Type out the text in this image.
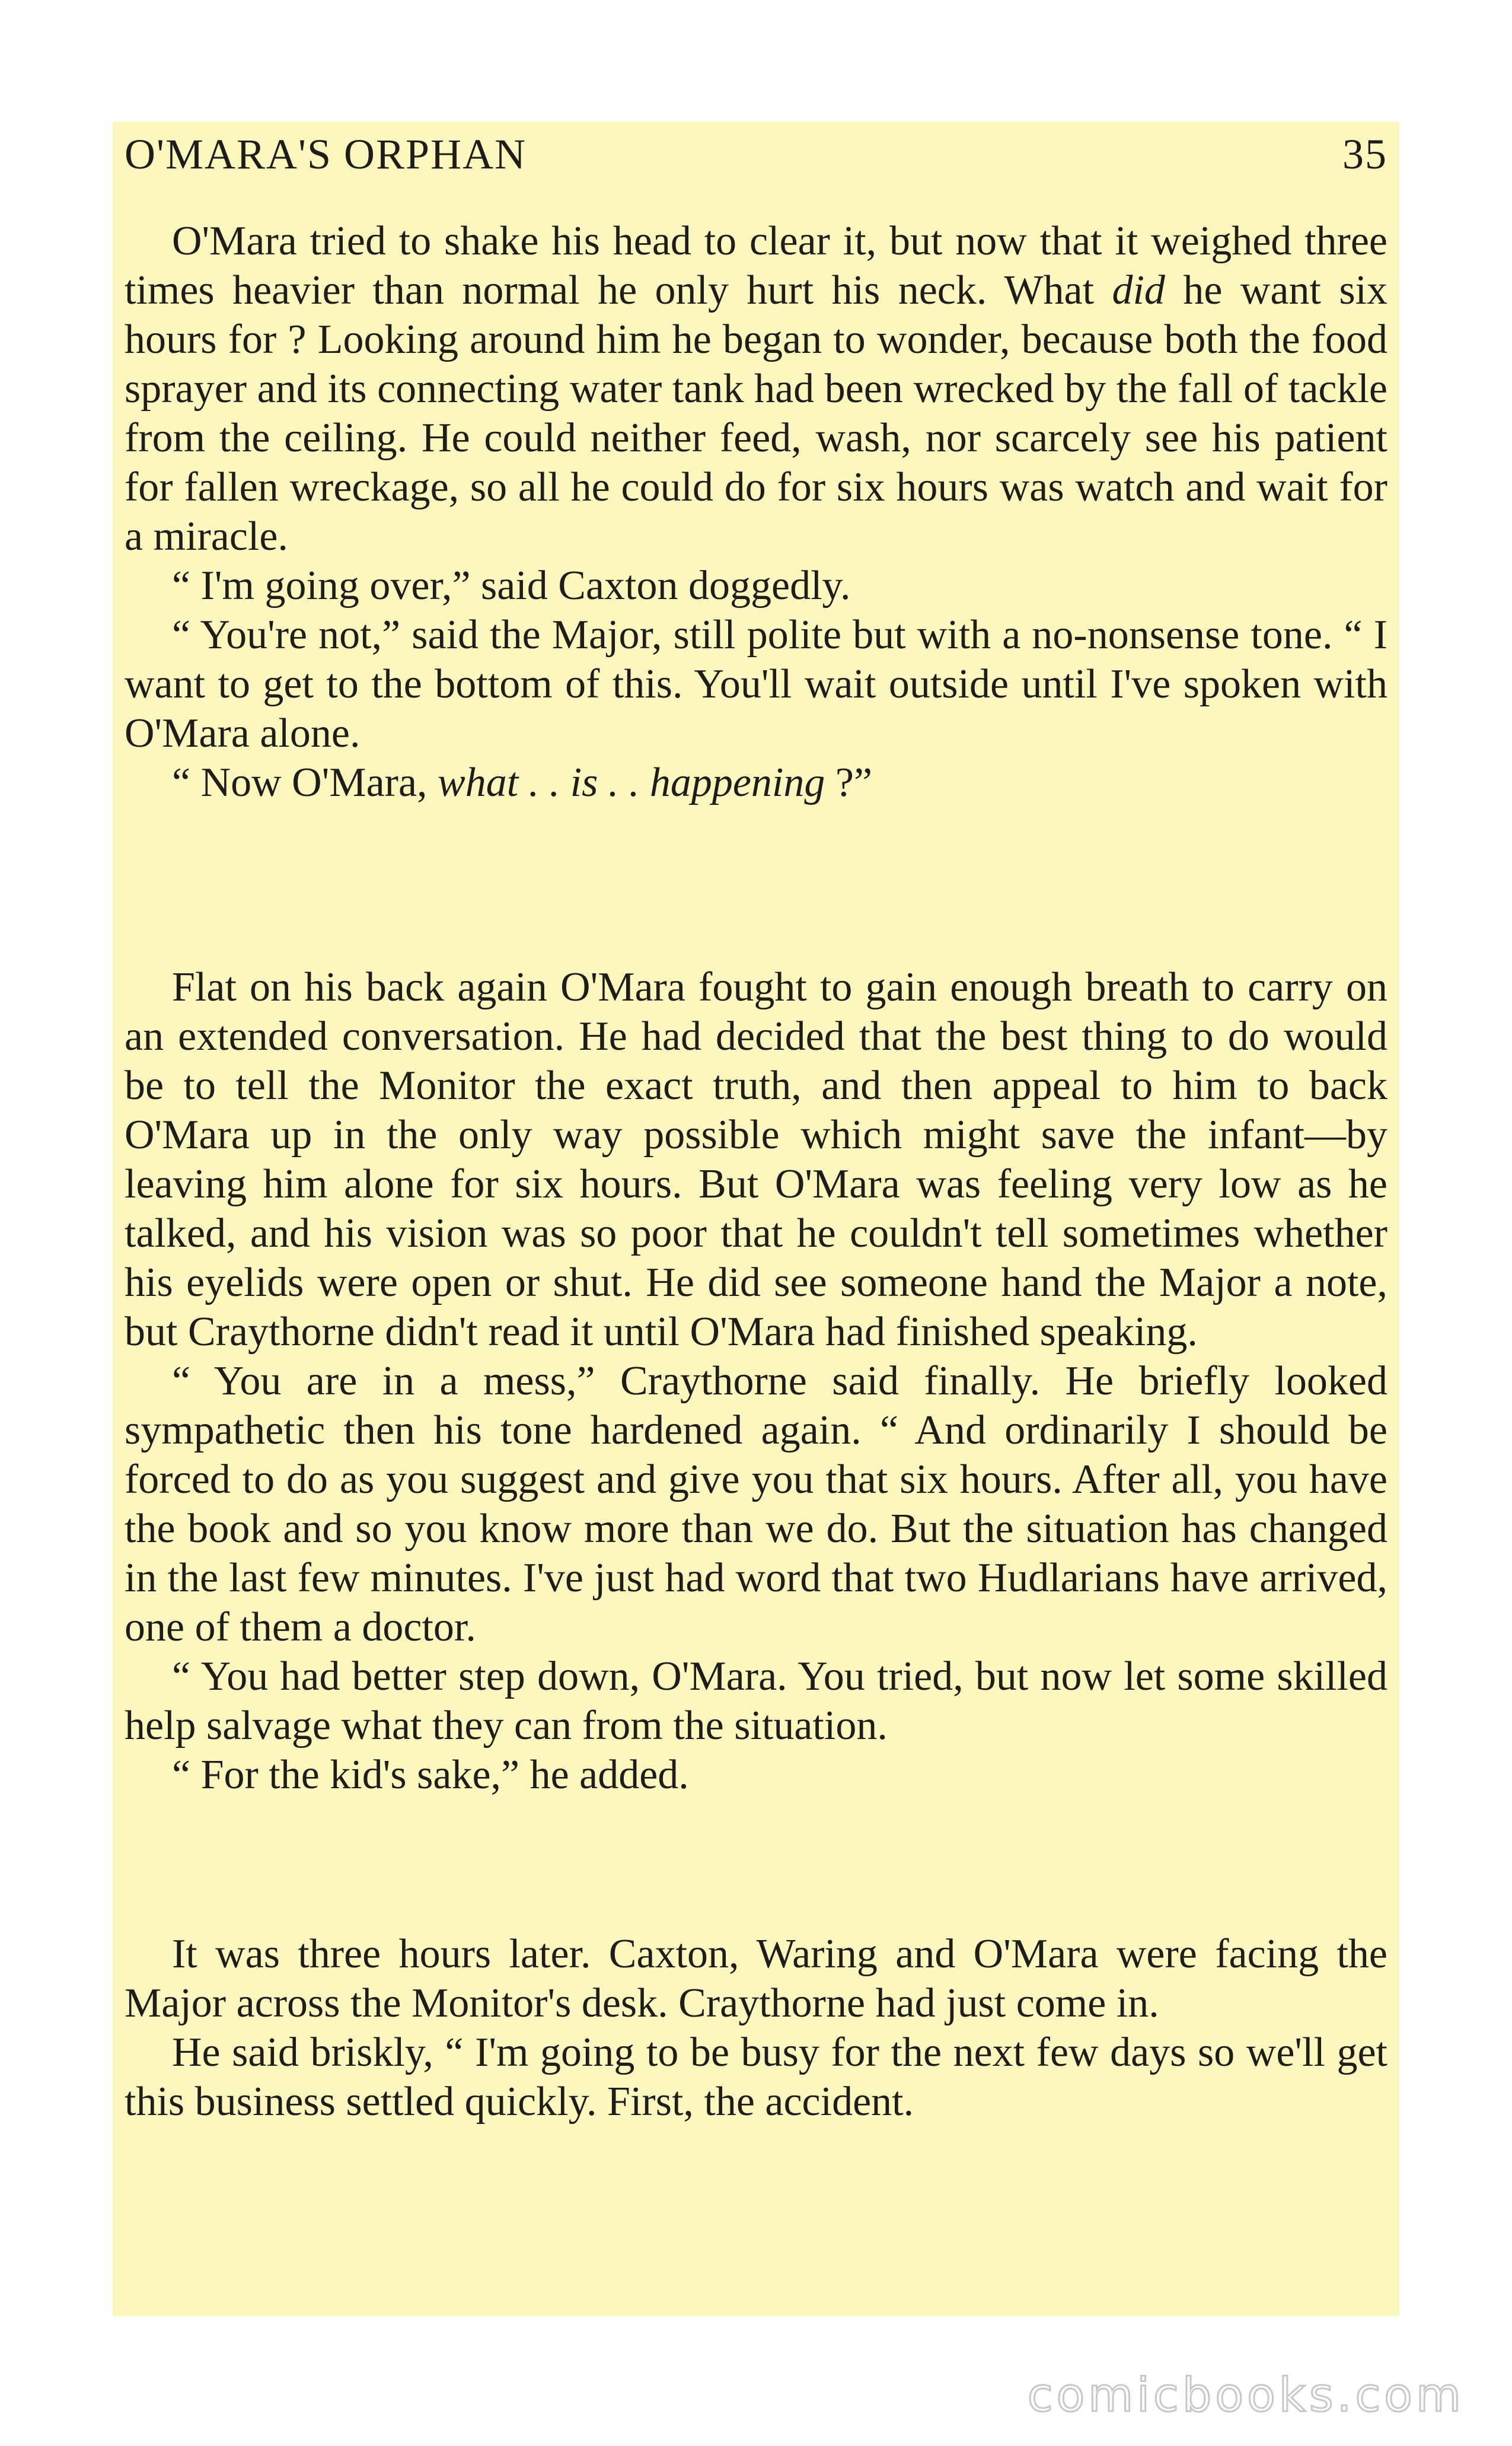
O'MARA'S ORPHAN	35

O'Mara tried to shake his head to clear it, but now that it weighed three times heavier than normal he only hurt his neck. What did he want six hours for ? Looking around him he began to wonder, because both the food sprayer and its connecting water tank had been wrecked by the fall of tackle from the ceiling. He could neither feed, wash, nor scarcely see his patient for fallen wreckage, so all he could do for six hours was watch and wait for a miracle.

“ I'm going over,” said Caxton doggedly.

“ You're not,” said the Major, still polite but with a no-nonsense tone. “ I want to get to the bottom of this. You'll wait outside until I've spoken with O'Mara alone.

“ Now O'Mara, what . . is . . happening ?”

Flat on his back again O'Mara fought to gain enough breath to carry on an extended conversation. He had decided that the best thing to do would be to tell the Monitor the exact truth, and then appeal to him to back O'Mara up in the only way possible which might save the infant—by leaving him alone for six hours. But O'Mara was feeling very low as he talked, and his vision was so poor that he couldn't tell sometimes whether his eyelids were open or shut. He did see someone hand the Major a note, but Craythorne didn't read it until O'Mara had finished speaking.

“ You are in a mess,” Craythorne said finally. He briefly looked sympathetic then his tone hardened again. “ And ordinarily I should be forced to do as you suggest and give you that six hours. After all, you have the book and so you know more than we do. But the situation has changed in the last few minutes. I've just had word that two Hudlarians have arrived, one of them a doctor.

“ You had better step down, O'Mara. You tried, but now let some skilled help salvage what they can from the situation.

“ For the kid's sake,” he added.

It was three hours later. Caxton, Waring and O'Mara were facing the Major across the Monitor's desk. Craythorne had just come in.

He said briskly, “ I'm going to be busy for the next few days so we'll get this business settled quickly. First, the accident.

comicbooks.com
